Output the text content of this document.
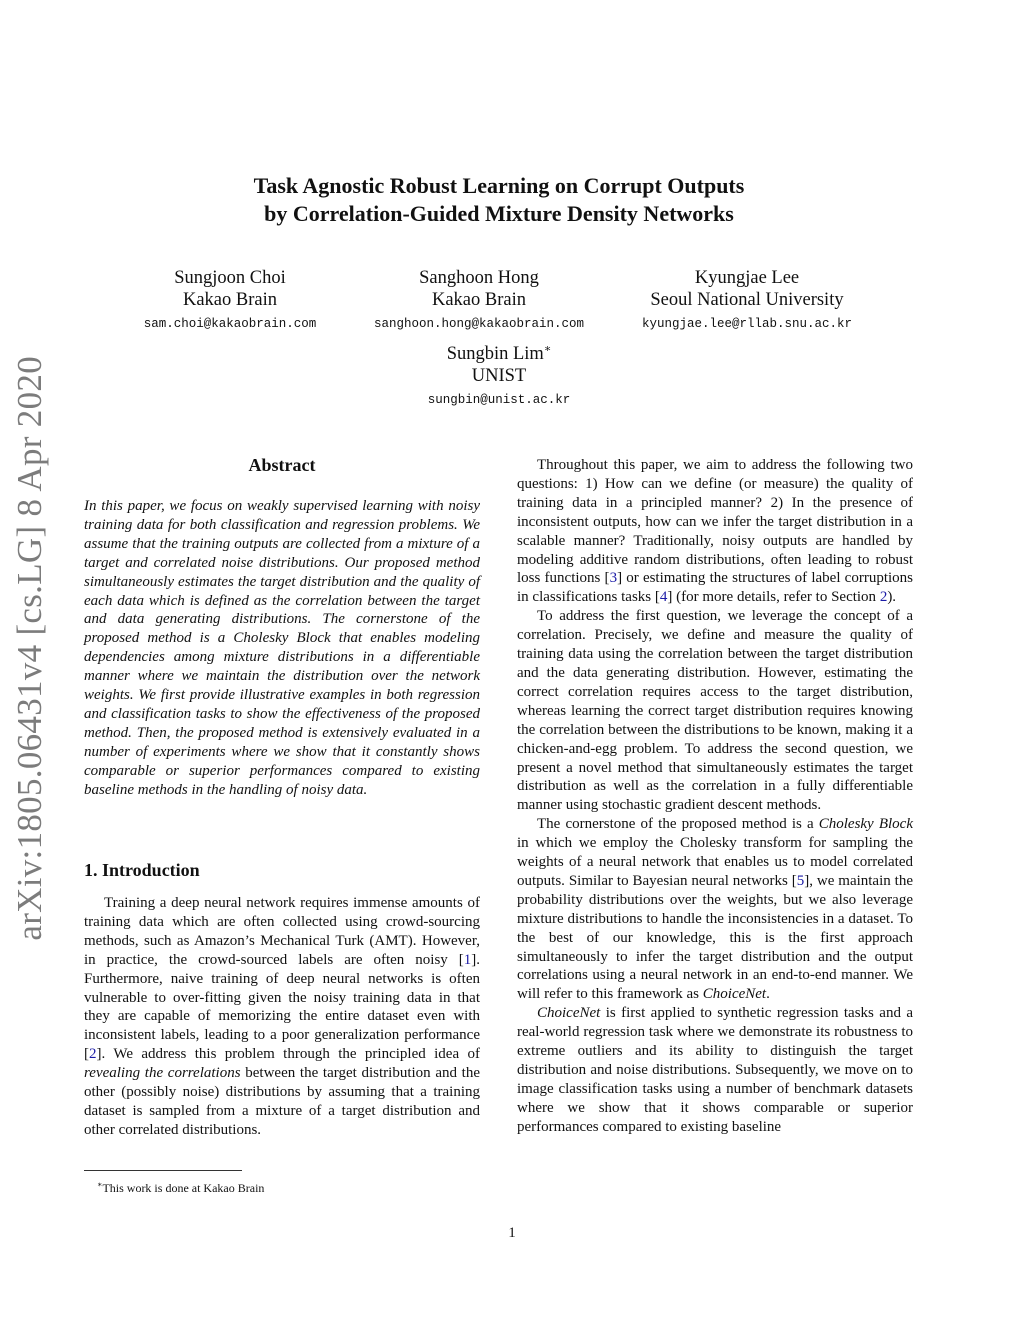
arXiv:1805.06431v4 [cs.LG] 8 Apr 2020
Task Agnostic Robust Learning on Corrupt Outputs
by Correlation-Guided Mixture Density Networks
Sungjoon Choi
Kakao Brain
sam.choi@kakaobrain.com
Sanghoon Hong
Kakao Brain
sanghoon.hong@kakaobrain.com
Kyungjae Lee
Seoul National University
kyungjae.lee@rllab.snu.ac.kr
Sungbin Lim∗
UNIST
sungbin@unist.ac.kr
Abstract
In this paper, we focus on weakly supervised learning with noisy training data for both classification and regression problems. We assume that the training outputs are collected from a mixture of a target and correlated noise distributions. Our proposed method simultaneously estimates the target distribution and the quality of each data which is defined as the correlation between the target and data generating distributions. The cornerstone of the proposed method is a Cholesky Block that enables modeling dependencies among mixture distributions in a differentiable manner where we maintain the distribution over the network weights. We first provide illustrative examples in both regression and classification tasks to show the effectiveness of the proposed method. Then, the proposed method is extensively evaluated in a number of experiments where we show that it constantly shows comparable or superior performances compared to existing baseline methods in the handling of noisy data.
1. Introduction
Training a deep neural network requires immense amounts of training data which are often collected using crowd-sourcing methods, such as Amazon’s Mechanical Turk (AMT). However, in practice, the crowd-sourced labels are often noisy [1]. Furthermore, naive training of deep neural networks is often vulnerable to over-fitting given the noisy training data in that they are capable of memorizing the entire dataset even with inconsistent labels, leading to a poor generalization performance [2]. We address this problem through the principled idea of revealing the correlations between the target distribution and the other (possibly noise) distributions by assuming that a training dataset is sampled from a mixture of a target distribution and other correlated distributions.
∗This work is done at Kakao Brain

Throughout this paper, we aim to address the following two questions: 1) How can we define (or measure) the quality of training data in a principled manner? 2) In the presence of inconsistent outputs, how can we infer the target distribution in a scalable manner? Traditionally, noisy outputs are handled by modeling additive random distributions, often leading to robust loss functions [3] or estimating the structures of label corruptions in classifications tasks [4] (for more details, refer to Section 2).

To address the first question, we leverage the concept of a correlation. Precisely, we define and measure the quality of training data using the correlation between the target distribution and the data generating distribution. However, estimating the correct correlation requires access to the target distribution, whereas learning the correct target distribution requires knowing the correlation between the distributions to be known, making it a chicken-and-egg problem. To address the second question, we present a novel method that simultaneously estimates the target distribution as well as the correlation in a fully differentiable manner using stochastic gradient descent methods.

The cornerstone of the proposed method is a Cholesky Block in which we employ the Cholesky transform for sampling the weights of a neural network that enables us to model correlated outputs. Similar to Bayesian neural networks [5], we maintain the probability distributions over the weights, but we also leverage mixture distributions to handle the inconsistencies in a dataset. To the best of our knowledge, this is the first approach simultaneously to infer the target distribution and the output correlations using a neural network in an end-to-end manner. We will refer to this framework as ChoiceNet.

ChoiceNet is first applied to synthetic regression tasks and a real-world regression task where we demonstrate its robustness to extreme outliers and its ability to distinguish the target distribution and noise distributions. Subsequently, we move on to image classification tasks using a number of benchmark datasets where we show that it shows comparable or superior performances compared to existing baseline

1
